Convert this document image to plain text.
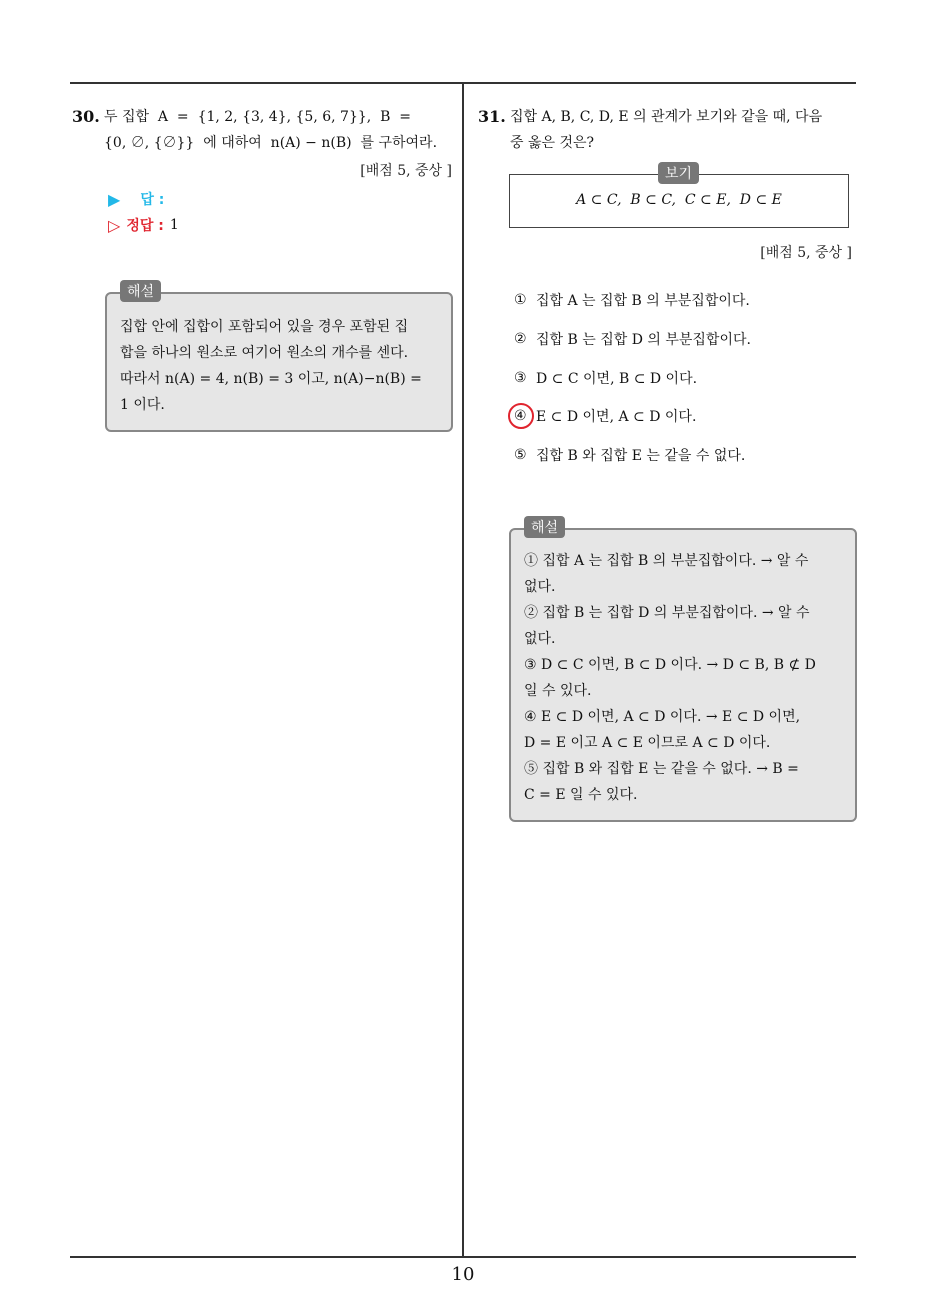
30. 두 집합  A  =  {1, 2, {3, 4}, {5, 6, 7}},  B  =
{0, ∅, {∅}}  에 대하여  n(A) − n(B)  를 구하여라.
[배점 5, 중상 ]
▶ 답 :
▷ 정답 : 1
집합 안에 집합이 포함되어 있을 경우 포함된 집
합을 하나의 원소로 여기어 원소의 개수를 센다.
따라서 n(A) = 4, n(B) = 3 이고, n(A)−n(B) =
1 이다.
해설
31. 집합 A, B, C, D, E 의 관계가 보기와 같을 때, 다음
중 옳은 것은?
보기
A ⊂ C,  B ⊂ C,  C ⊂ E,  D ⊂ E
[배점 5, 중상 ]
① 집합 A 는 집합 B 의 부분집합이다.
② 집합 B 는 집합 D 의 부분집합이다.
③ D ⊂ C 이면, B ⊂ D 이다.
④ E ⊂ D 이면, A ⊂ D 이다.
⑤ 집합 B 와 집합 E 는 같을 수 없다.
① 집합 A 는 집합 B 의 부분집합이다. → 알 수
없다.
② 집합 B 는 집합 D 의 부분집합이다. → 알 수
없다.
③ D ⊂ C 이면, B ⊂ D 이다. → D ⊂ B, B ⊄ D
일 수 있다.
④ E ⊂ D 이면, A ⊂ D 이다. → E ⊂ D 이면,
D = E 이고 A ⊂ E 이므로 A ⊂ D 이다.
⑤ 집합 B 와 집합 E 는 같을 수 없다. → B =
C = E 일 수 있다.
해설
10
